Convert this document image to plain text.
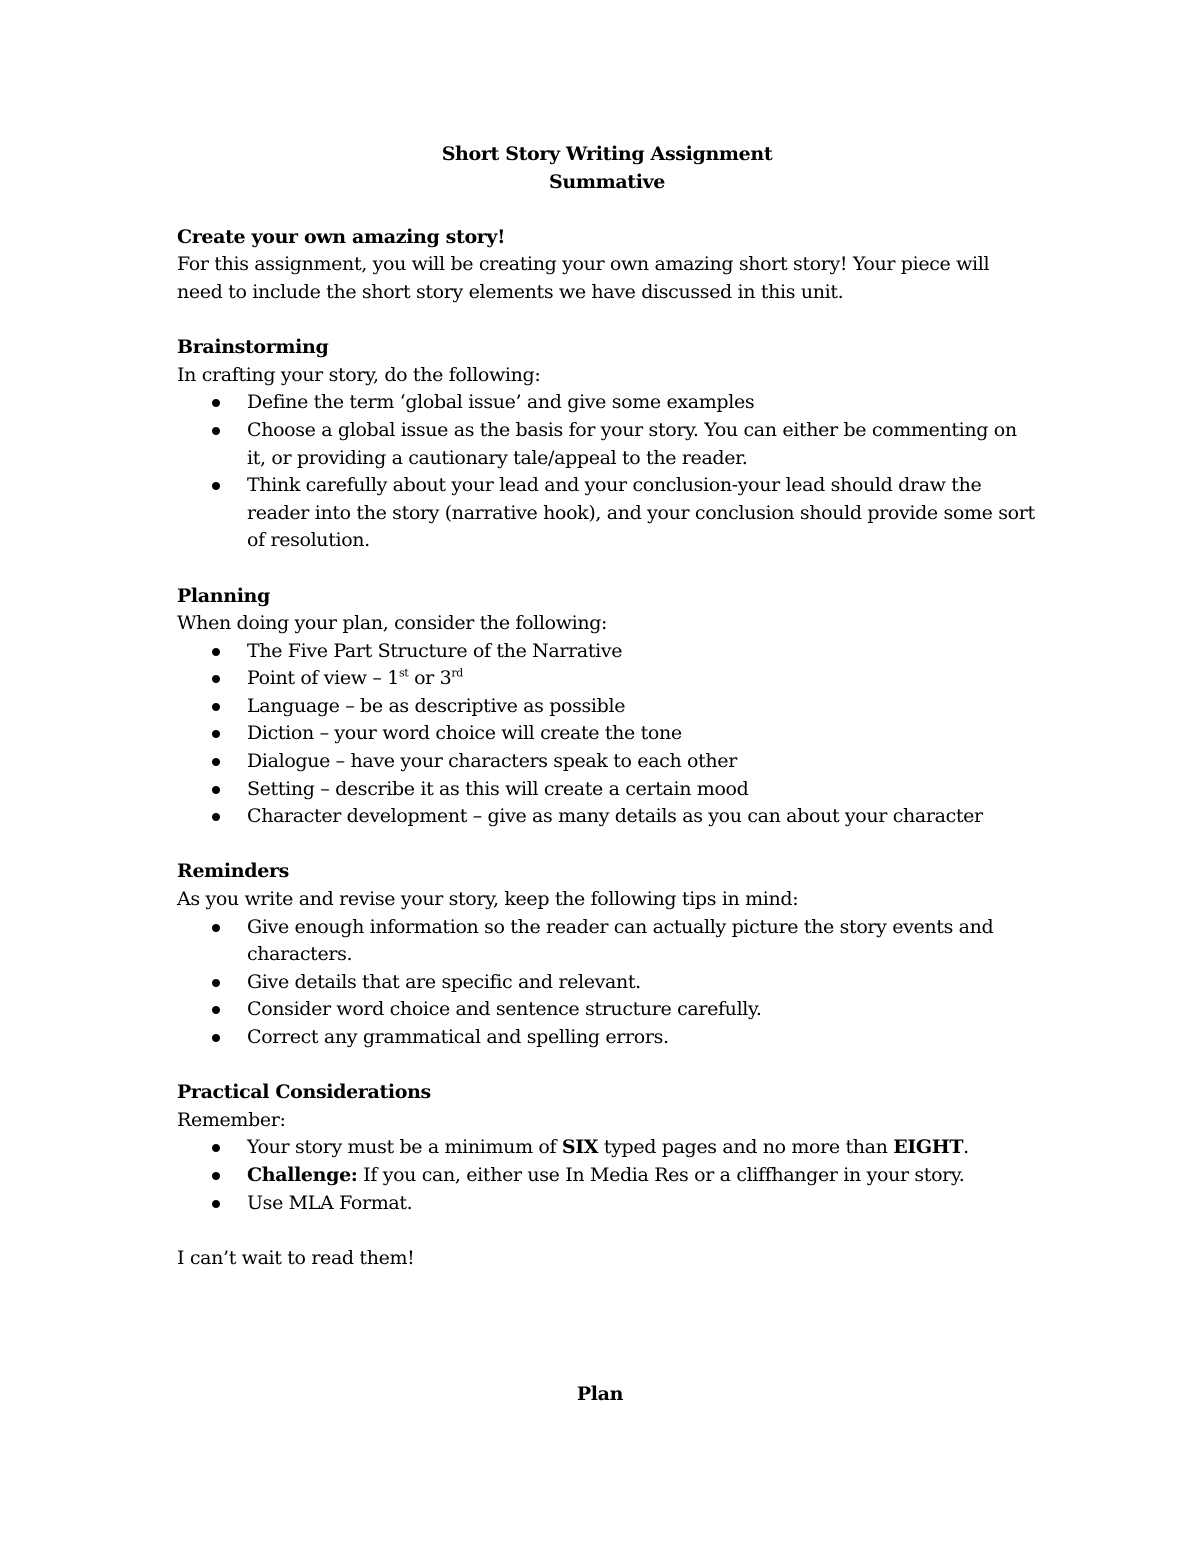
Short Story Writing Assignment

Summative

Create your own amazing story!

For this assignment, you will be creating your own amazing short story! Your piece will need to include the short story elements we have discussed in this unit.

Brainstorming

In crafting your story, do the following:

Define the term ‘global issue’ and give some examples
Choose a global issue as the basis for your story. You can either be commenting on it, or providing a cautionary tale/appeal to the reader.
Think carefully about your lead and your conclusion-your lead should draw the reader into the story (narrative hook), and your conclusion should provide some sort of resolution.

Planning

When doing your plan, consider the following:

The Five Part Structure of the Narrative
Point of view – 1st or 3rd
Language – be as descriptive as possible
Diction – your word choice will create the tone
Dialogue – have your characters speak to each other
Setting – describe it as this will create a certain mood
Character development – give as many details as you can about your character

Reminders

As you write and revise your story, keep the following tips in mind:

Give enough information so the reader can actually picture the story events and characters.
Give details that are specific and relevant.
Consider word choice and sentence structure carefully.
Correct any grammatical and spelling errors.

Practical Considerations

Remember:

Your story must be a minimum of SIX typed pages and no more than EIGHT.
Challenge: If you can, either use In Media Res or a cliffhanger in your story.
Use MLA Format.

I can’t wait to read them!

Plan
